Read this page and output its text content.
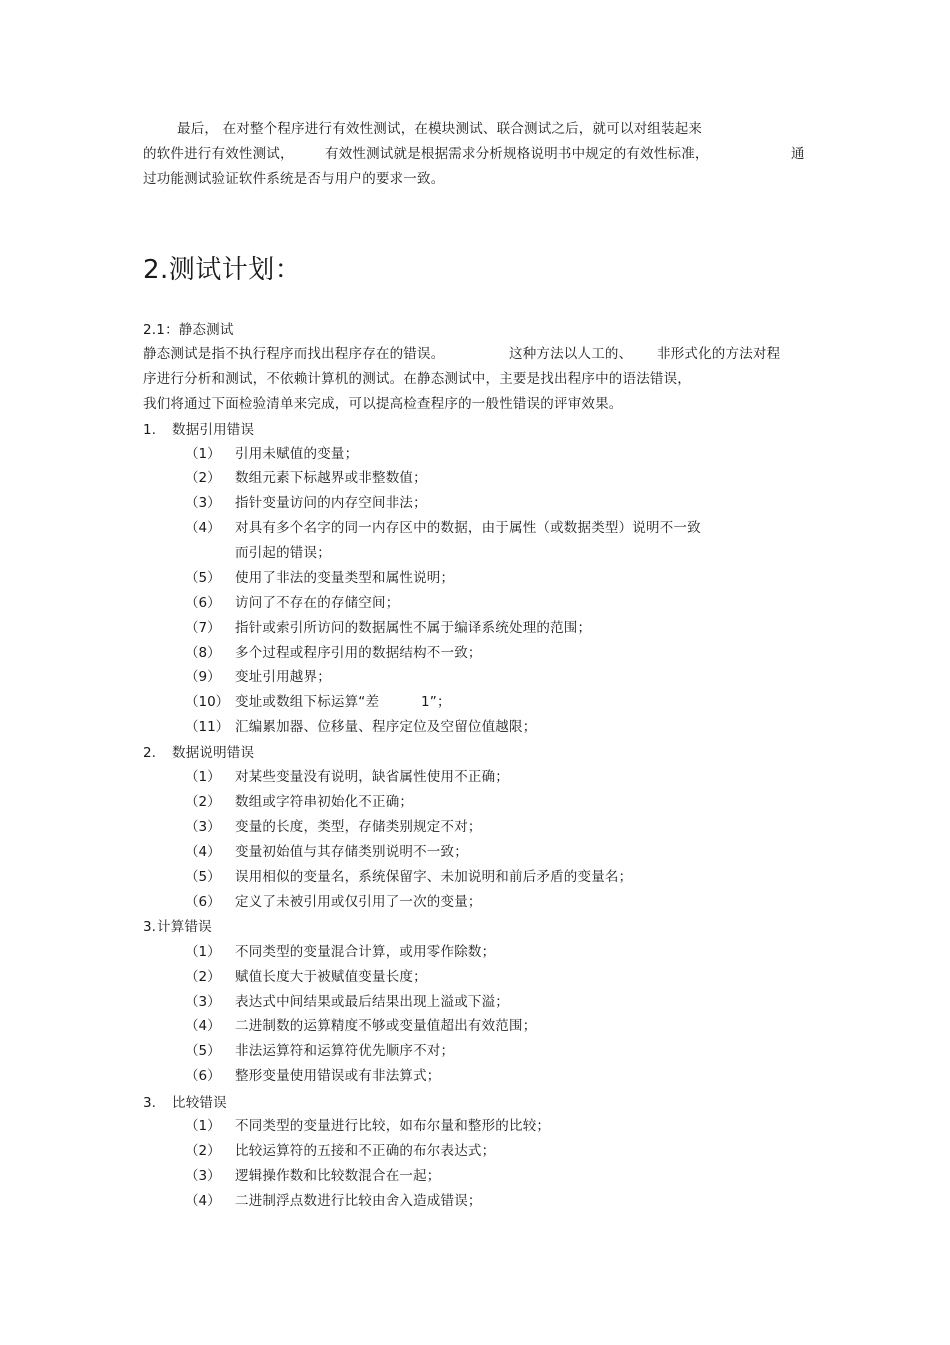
最后， 在对整个程序进行有效性测试，在模块测试、联合测试之后，就可以对组装起来
的软件进行有效性测试， 有效性测试就是根据需求分析规格说明书中规定的有效性标准，	通
过功能测试验证软件系统是否与用户的要求一致。
2.测试计划：
2.1：静态测试
静态测试是指不执行程序而找出程序存在的错误。	这种方法以人工的、 非形式化的方法对程
序进行分析和测试，不依赖计算机的测试。在静态测试中，主要是找出程序中的语法错误，
我们将通过下面检验清单来完成，可以提高检查程序的一般性错误的评审效果。
1. 数据引用错误
（1） 引用未赋值的变量；
（2） 数组元素下标越界或非整数值；
（3） 指针变量访问的内存空间非法；
（4） 对具有多个名字的同一内存区中的数据，由于属性（或数据类型）说明不一致
而引起的错误；
（5） 使用了非法的变量类型和属性说明；
（6） 访问了不存在的存储空间；
（7） 指针或索引所访问的数据属性不属于编译系统处理的范围；
（8） 多个过程或程序引用的数据结构不一致；
（9） 变址引用越界；
（10） 变址或数组下标运算“差	1”；
（11） 汇编累加器、位移量、程序定位及空留位值越限；
2. 数据说明错误
（1） 对某些变量没有说明，缺省属性使用不正确；
（2） 数组或字符串初始化不正确；
（3） 变量的长度，类型，存储类别规定不对；
（4） 变量初始值与其存储类别说明不一致；
（5） 误用相似的变量名，系统保留字、未加说明和前后矛盾的变量名；
（6） 定义了未被引用或仅引用了一次的变量；
3. 计算错误
（1） 不同类型的变量混合计算，或用零作除数；
（2） 赋值长度大于被赋值变量长度；
（3） 表达式中间结果或最后结果出现上溢或下溢；
（4） 二进制数的运算精度不够或变量值超出有效范围；
（5） 非法运算符和运算符优先顺序不对；
（6） 整形变量使用错误或有非法算式；
3. 比较错误
（1） 不同类型的变量进行比较，如布尔量和整形的比较；
（2） 比较运算符的五接和不正确的布尔表达式；
（3） 逻辑操作数和比较数混合在一起；
（4） 二进制浮点数进行比较由舍入造成错误；
